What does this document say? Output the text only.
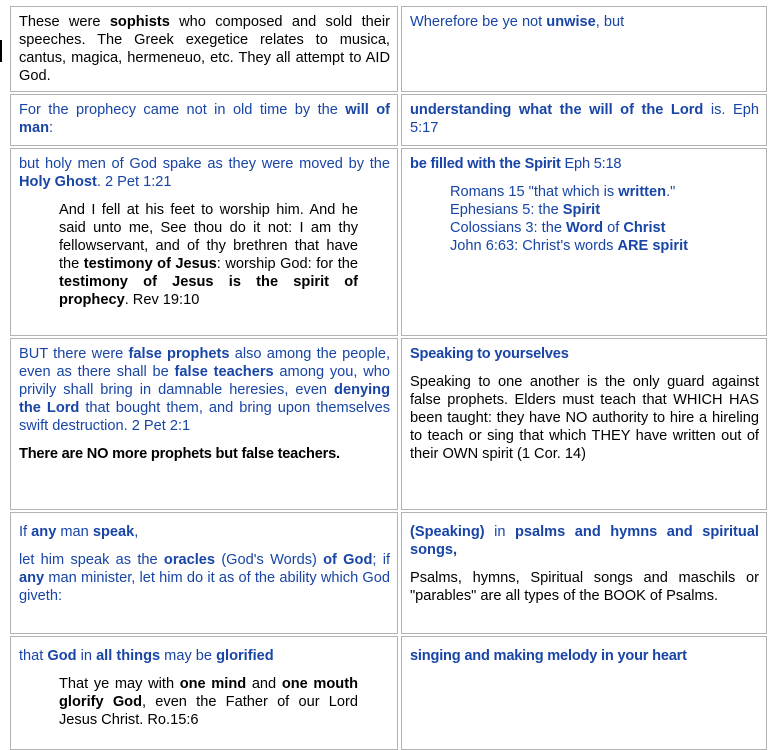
These were sophists who composed and sold their speeches. The Greek exegetice relates to musica, cantus, magica, hermeneuo, etc. They all attempt to AID God.

Wherefore be ye not unwise, but

For the prophecy came not in old time by the will of man:

understanding what the will of the Lord is. Eph 5:17

but holy men of God spake as they were moved by the Holy Ghost. 2 Pet 1:21

And I fell at his feet to worship him. And he said unto me, See thou do it not: I am thy fellowservant, and of thy brethren that have the testimony of Jesus: worship God: for the testimony of Jesus is the spirit of prophecy. Rev 19:10

be filled with the Spirit Eph 5:18

Romans 15 "that which is written."

Ephesians 5: the Spirit

Colossians 3: the Word of Christ

John 6:63: Christ's words ARE spirit

BUT there were false prophets also among the people, even as there shall be false teachers among you, who privily shall bring in damnable heresies, even denying the Lord that bought them, and bring upon themselves swift destruction. 2 Pet 2:1

There are NO more prophets but false teachers.

Speaking to yourselves

Speaking to one another is the only guard against false prophets. Elders must teach that WHICH HAS been taught: they have NO authority to hire a hireling to teach or sing that which THEY have written out of their OWN spirit (1 Cor. 14)

If any man speak,

let him speak as the oracles (God's Words) of God; if any man minister, let him do it as of the ability which God giveth:

(Speaking) in psalms and hymns and spiritual songs,

Psalms, hymns, Spiritual songs and maschils or "parables" are all types of the BOOK of Psalms.

that God in all things may be glorified

That ye may with one mind and one mouth glorify God, even the Father of our Lord Jesus Christ. Ro.15:6

singing and making melody in your heart
